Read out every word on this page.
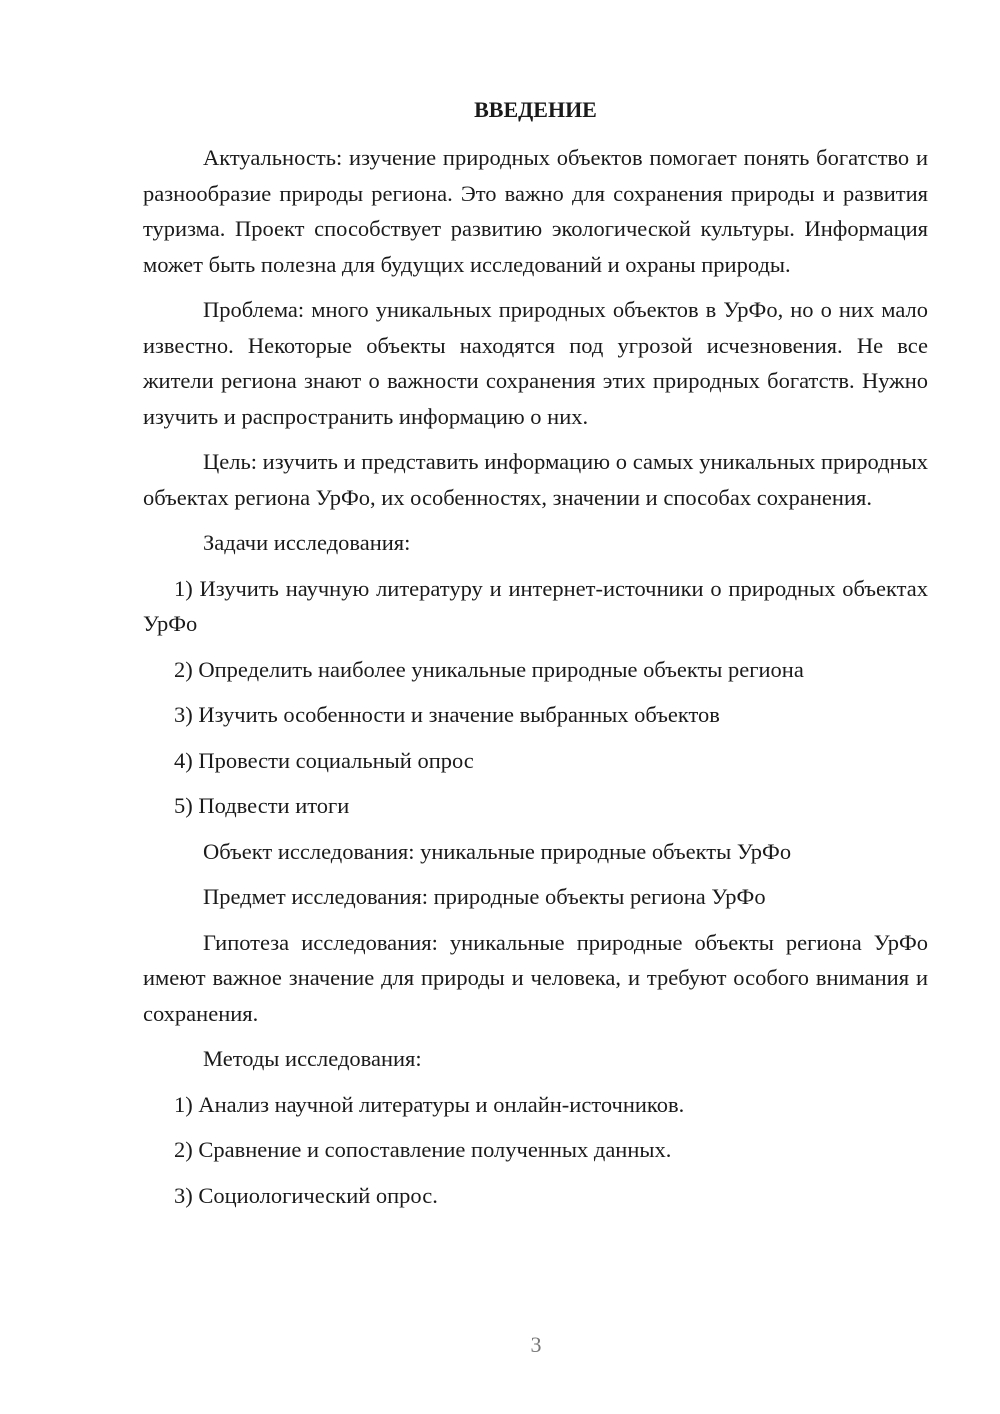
ВВЕДЕНИЕ

Актуальность: изучение природных объектов помогает понять богатство и разнообразие природы региона. Это важно для сохранения природы и развития туризма. Проект способствует развитию экологической культуры. Информация может быть полезна для будущих исследований и охраны природы.

Проблема: много уникальных природных объектов в УрФо, но о них мало известно. Некоторые объекты находятся под угрозой исчезновения. Не все жители региона знают о важности сохранения этих природных богатств. Нужно изучить и распространить информацию о них.

Цель: изучить и представить информацию о самых уникальных природных объектах региона УрФо, их особенностях, значении и способах сохранения.

Задачи исследования:

1) Изучить научную литературу и интернет-источники о природных объектах УрФо

2) Определить наиболее уникальные природные объекты региона

3) Изучить особенности и значение выбранных объектов

4) Провести социальный опрос

5) Подвести итоги

Объект исследования: уникальные природные объекты УрФо

Предмет исследования: природные объекты региона УрФо

Гипотеза исследования: уникальные природные объекты региона УрФо имеют важное значение для природы и человека, и требуют особого внимания и сохранения.

Методы исследования:

1) Анализ научной литературы и онлайн-источников.

2) Сравнение и сопоставление полученных данных.

3) Социологический опрос.

3
